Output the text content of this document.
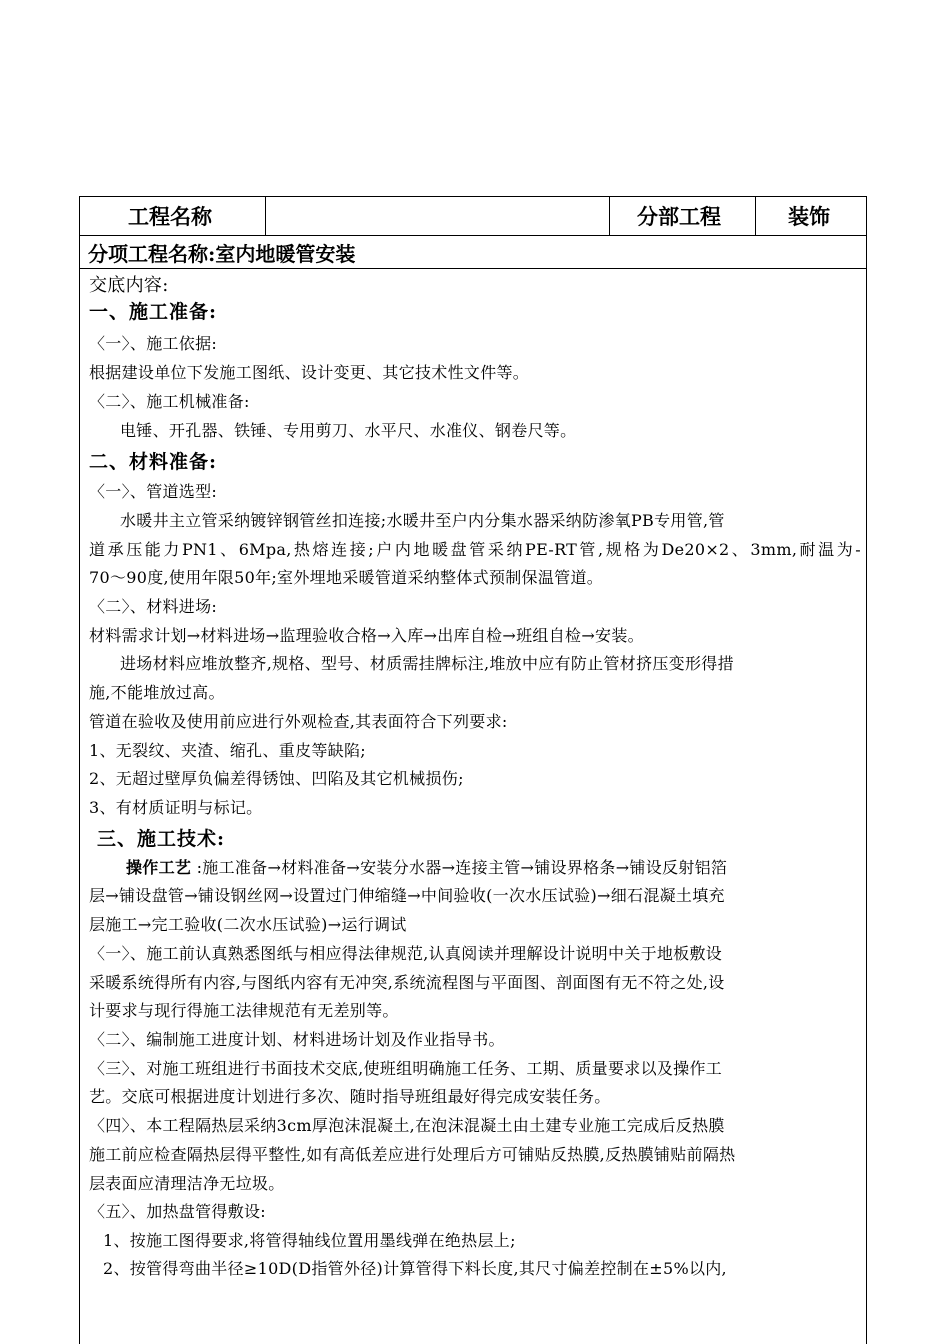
工程名称	分部工程	装饰
分项工程名称:室内地暖管安装
交底内容:
一、施工准备:
〈一〉、施工依据:
根据建设单位下发施工图纸、设计变更、其它技术性文件等。
〈二〉、施工机械准备:
电锤、开孔器、铁锤、专用剪刀、水平尺、水准仪、钢卷尺等。
二、材料准备:
〈一〉、管道选型:
水暖井主立管采纳镀锌钢管丝扣连接;水暖井至户内分集水器采纳防渗氧PB专用管,管
道承压能力PN1、6Mpa,热熔连接;户内地暖盘管采纳PE-RT管,规格为De20×2、3mm,耐温为-
70～90度,使用年限50年;室外埋地采暖管道采纳整体式预制保温管道。
〈二〉、材料进场:
材料需求计划→材料进场→监理验收合格→入库→出库自检→班组自检→安装。
进场材料应堆放整齐,规格、型号、材质需挂牌标注,堆放中应有防止管材挤压变形得措
施,不能堆放过高。
管道在验收及使用前应进行外观检查,其表面符合下列要求:
1、无裂纹、夹渣、缩孔、重皮等缺陷;
2、无超过壁厚负偏差得锈蚀、凹陷及其它机械损伤;
3、有材质证明与标记。
三、施工技术:
操作工艺 :施工准备→材料准备→安装分水器→连接主管→铺设界格条→铺设反射铝箔
层→铺设盘管→铺设钢丝网→设置过门伸缩缝→中间验收(一次水压试验)→细石混凝土填充
层施工→完工验收(二次水压试验)→运行调试
〈一〉、施工前认真熟悉图纸与相应得法律规范,认真阅读并理解设计说明中关于地板敷设
采暖系统得所有内容,与图纸内容有无冲突,系统流程图与平面图、剖面图有无不符之处,设
计要求与现行得施工法律规范有无差别等。
〈二〉、编制施工进度计划、材料进场计划及作业指导书。
〈三〉、对施工班组进行书面技术交底,使班组明确施工任务、工期、质量要求以及操作工
艺。交底可根据进度计划进行多次、随时指导班组最好得完成安装任务。
〈四〉、本工程隔热层采纳3cm厚泡沫混凝土,在泡沫混凝土由土建专业施工完成后反热膜
施工前应检查隔热层得平整性,如有高低差应进行处理后方可铺贴反热膜,反热膜铺贴前隔热
层表面应清理洁净无垃圾。
〈五〉、加热盘管得敷设:
1、按施工图得要求,将管得轴线位置用墨线弹在绝热层上;
2、按管得弯曲半径≥10D(D指管外径)计算管得下料长度,其尺寸偏差控制在±5%以内,
